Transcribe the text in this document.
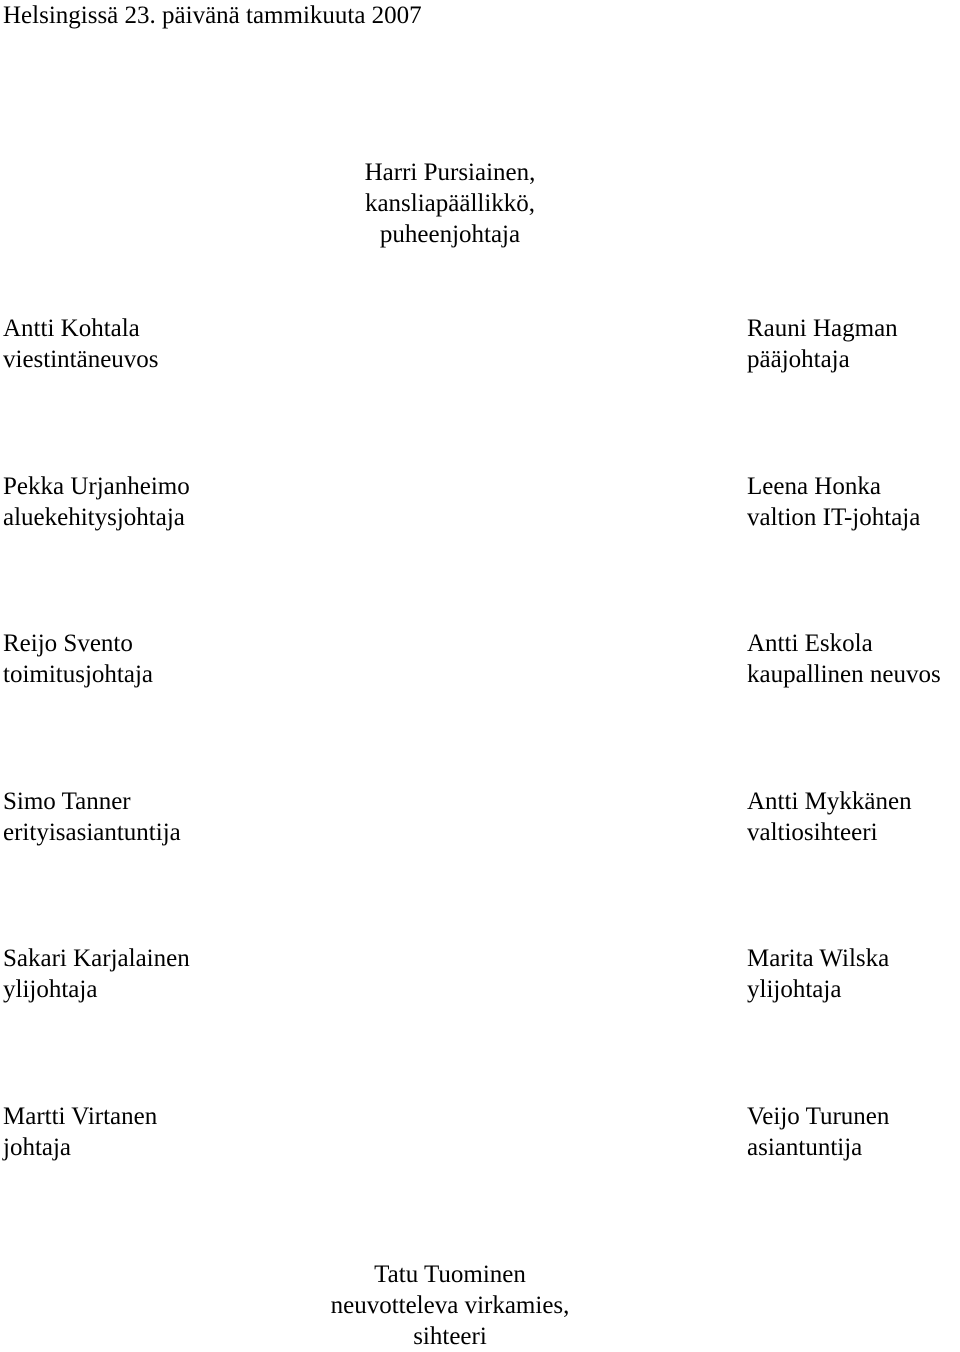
Helsingissä 23. päivänä tammikuuta 2007

Harri Pursiainen,
kansliapäällikkö,
puheenjohtaja
Antti Kohtala
viestintäneuvos
Rauni Hagman
pääjohtaja
Pekka Urjanheimo
aluekehitysjohtaja
Leena Honka
valtion IT-johtaja
Reijo Svento
toimitusjohtaja
Antti Eskola
kaupallinen neuvos
Simo Tanner
erityisasiantuntija
Antti Mykkänen
valtiosihteeri
Sakari Karjalainen
ylijohtaja
Marita Wilska
ylijohtaja
Martti Virtanen
johtaja
Veijo Turunen
asiantuntija
Tatu Tuominen
neuvotteleva virkamies,
sihteeri
